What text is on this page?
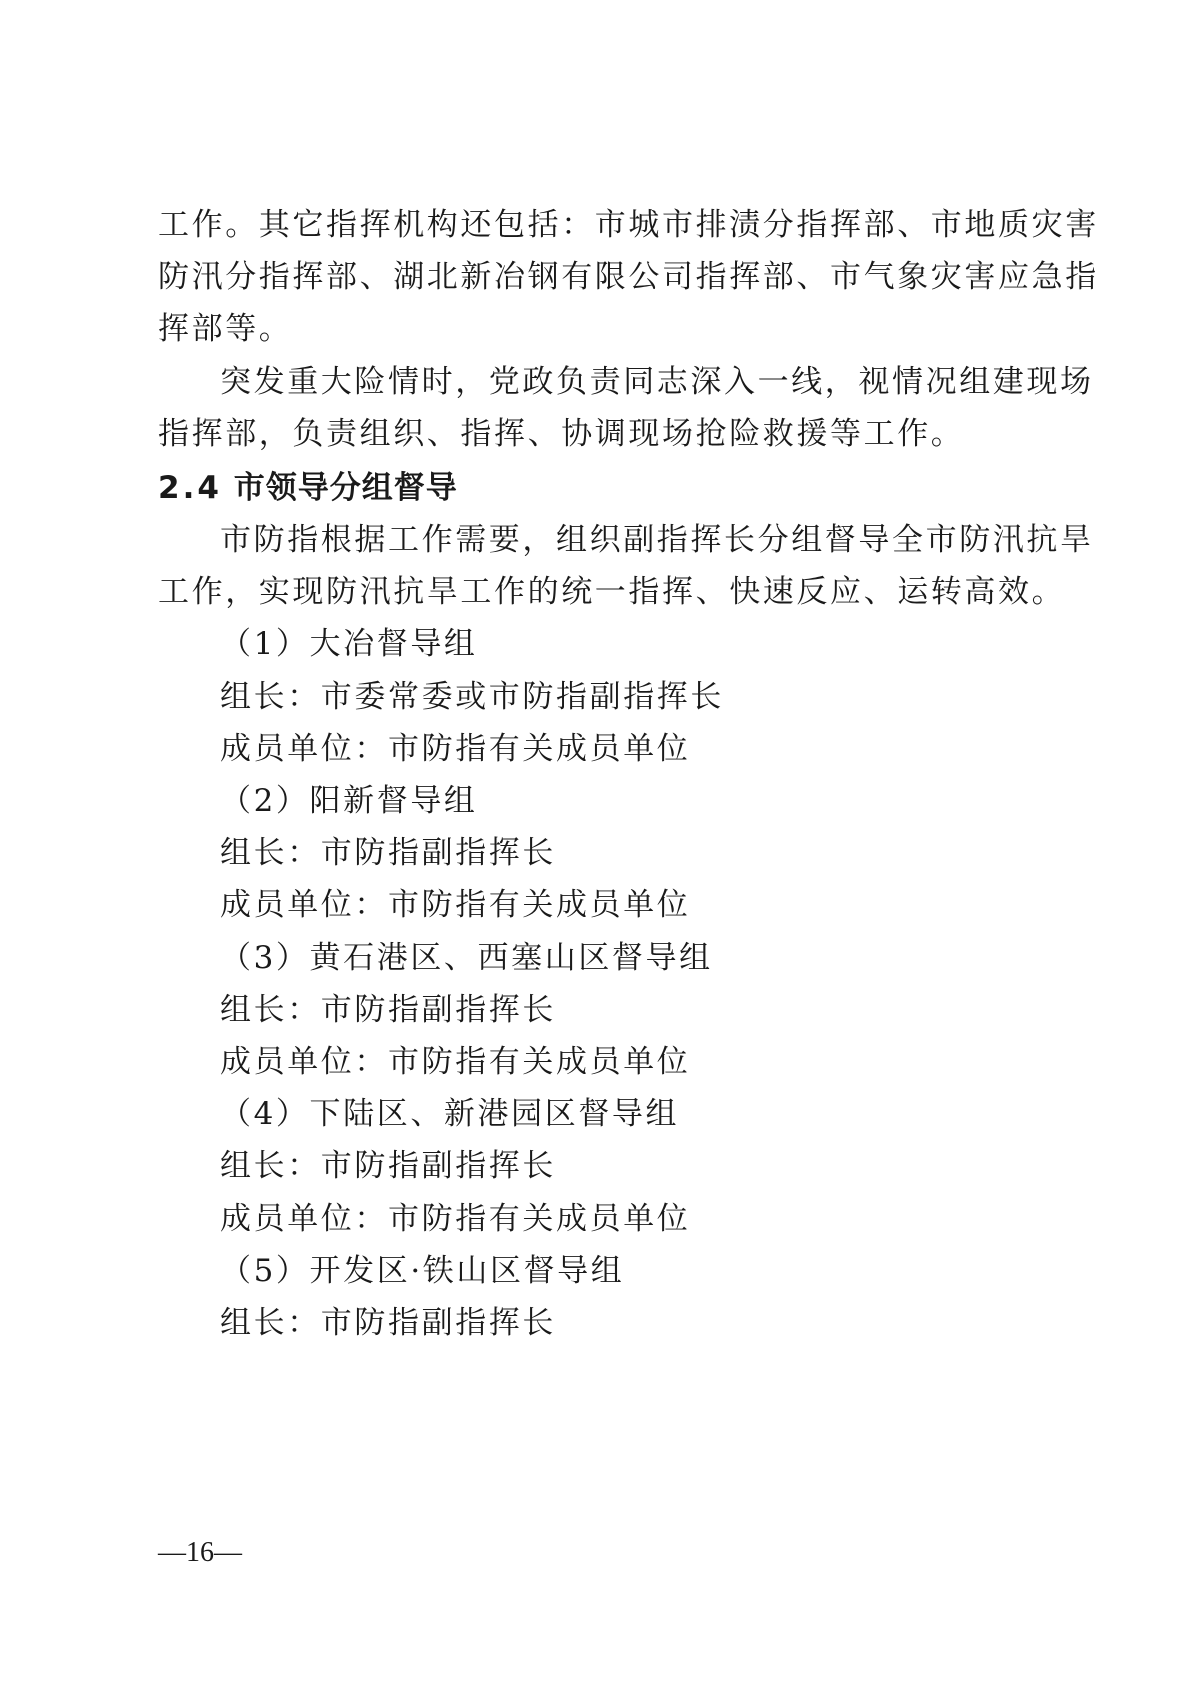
工作。其它指挥机构还包括：市城市排渍分指挥部、市地质灾害
防汛分指挥部、湖北新冶钢有限公司指挥部、市气象灾害应急指
挥部等。
突发重大险情时，党政负责同志深入一线，视情况组建现场
指挥部，负责组织、指挥、协调现场抢险救援等工作。
2.4 市领导分组督导
市防指根据工作需要，组织副指挥长分组督导全市防汛抗旱
工作，实现防汛抗旱工作的统一指挥、快速反应、运转高效。
（1）大冶督导组
组长：市委常委或市防指副指挥长
成员单位：市防指有关成员单位
（2）阳新督导组
组长：市防指副指挥长
成员单位：市防指有关成员单位
（3）黄石港区、西塞山区督导组
组长：市防指副指挥长
成员单位：市防指有关成员单位
（4）下陆区、新港园区督导组
组长：市防指副指挥长
成员单位：市防指有关成员单位
（5）开发区·铁山区督导组
组长：市防指副指挥长
—16—
